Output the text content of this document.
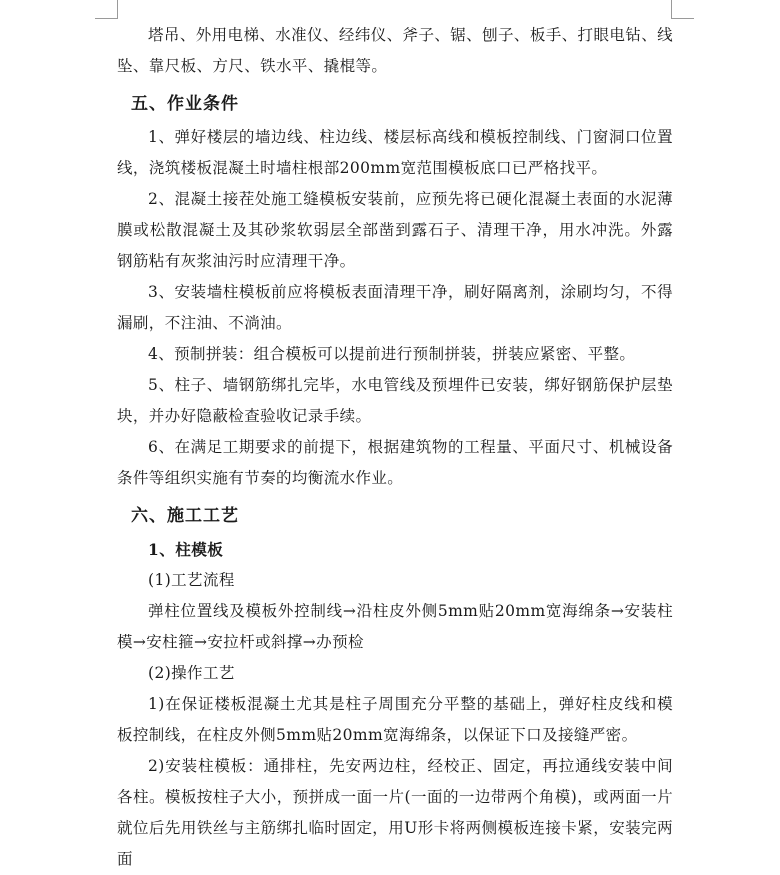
塔吊、外用电梯、水准仪、经纬仪、斧子、锯、刨子、板手、打眼电钻、线坠、靠尺板、方尺、铁水平、撬棍等。

五、作业条件

1、弹好楼层的墙边线、柱边线、楼层标高线和模板控制线、门窗洞口位置线，浇筑楼板混凝土时墙柱根部200mm宽范围模板底口已严格找平。

2、混凝土接茬处施工缝模板安装前，应预先将已硬化混凝土表面的水泥薄膜或松散混凝土及其砂浆软弱层全部凿到露石子、清理干净，用水冲洗。外露钢筋粘有灰浆油污时应清理干净。

3、安装墙柱模板前应将模板表面清理干净，刷好隔离剂，涂刷均匀，不得漏刷，不注油、不淌油。

4、预制拼装：组合模板可以提前进行预制拼装，拼装应紧密、平整。

5、柱子、墙钢筋绑扎完毕，水电管线及预埋件已安装，绑好钢筋保护层垫块，并办好隐蔽检查验收记录手续。

6、在满足工期要求的前提下，根据建筑物的工程量、平面尺寸、机械设备条件等组织实施有节奏的均衡流水作业。

六、施工工艺
1、柱模板

(1)工艺流程

弹柱位置线及模板外控制线→沿柱皮外侧5mm贴20mm宽海绵条→安装柱模→安柱箍→安拉杆或斜撑→办预检

(2)操作工艺

1)在保证楼板混凝土尤其是柱子周围充分平整的基础上，弹好柱皮线和模板控制线，在柱皮外侧5mm贴20mm宽海绵条，以保证下口及接缝严密。

2)安装柱模板：通排柱，先安两边柱，经校正、固定，再拉通线安装中间各柱。模板按柱子大小，预拼成一面一片(一面的一边带两个角模)，或两面一片就位后先用铁丝与主筋绑扎临时固定，用U形卡将两侧模板连接卡紧，安装完两面
